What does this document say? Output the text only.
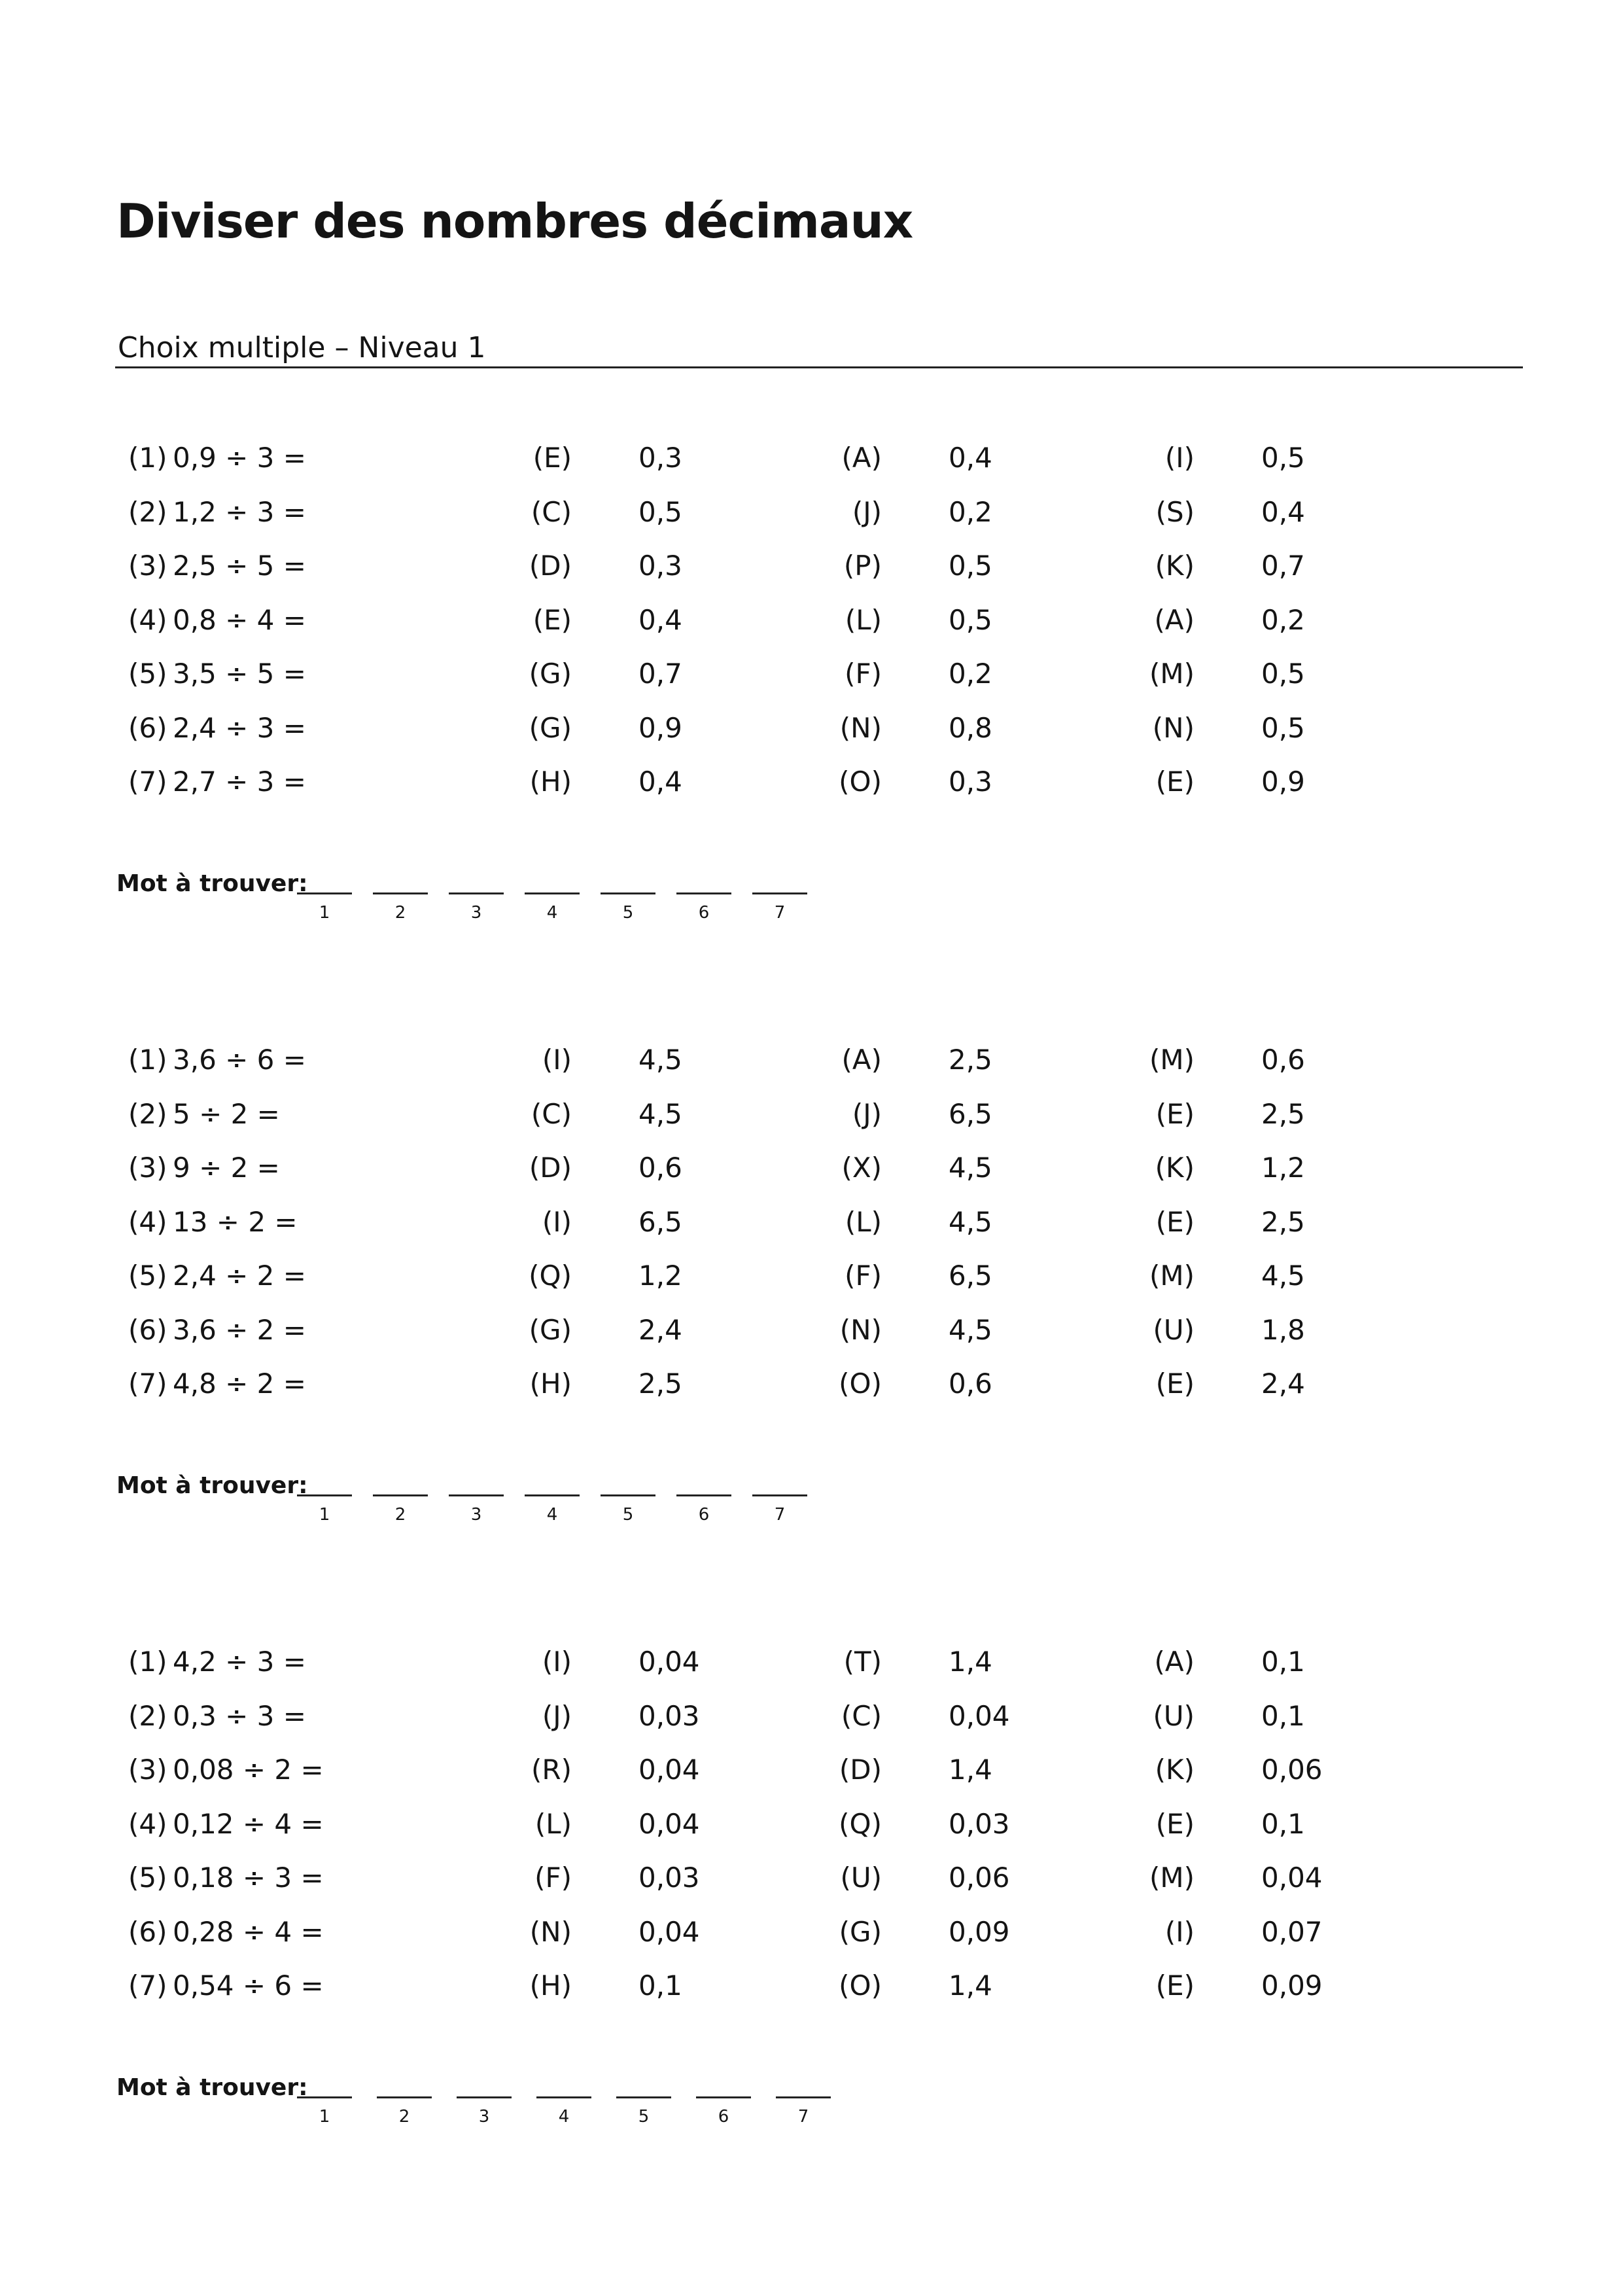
Diviser des nombres décimaux
Choix multiple – Niveau 1
(1) 0,9 ÷ 3 =	(E) 0,3	(A) 0,4	(I) 0,5
(2) 1,2 ÷ 3 =	(C) 0,5	(J) 0,2	(S) 0,4
(3) 2,5 ÷ 5 =	(D) 0,3	(P) 0,5	(K) 0,7
(4) 0,8 ÷ 4 =	(E) 0,4	(L) 0,5	(A) 0,2
(5) 3,5 ÷ 5 =	(G) 0,7	(F) 0,2	(M) 0,5
(6) 2,4 ÷ 3 =	(G) 0,9	(N) 0,8	(N) 0,5
(7) 2,7 ÷ 3 =	(H) 0,4	(O) 0,3	(E) 0,9
Mot à trouver:
1	2	3	4	5	6	7
(1) 3,6 ÷ 6 =	(I) 4,5	(A) 2,5	(M) 0,6
(2) 5 ÷ 2 =	(C) 4,5	(J) 6,5	(E) 2,5
(3) 9 ÷ 2 =	(D) 0,6	(X) 4,5	(K) 1,2
(4) 13 ÷ 2 =	(I) 6,5	(L) 4,5	(E) 2,5
(5) 2,4 ÷ 2 =	(Q) 1,2	(F) 6,5	(M) 4,5
(6) 3,6 ÷ 2 =	(G) 2,4	(N) 4,5	(U) 1,8
(7) 4,8 ÷ 2 =	(H) 2,5	(O) 0,6	(E) 2,4
Mot à trouver:
1	2	3	4	5	6	7
(1) 4,2 ÷ 3 =	(I) 0,04	(T) 1,4	(A) 0,1
(2) 0,3 ÷ 3 =	(J) 0,03	(C) 0,04	(U) 0,1
(3) 0,08 ÷ 2 =	(R) 0,04	(D) 1,4	(K) 0,06
(4) 0,12 ÷ 4 =	(L) 0,04	(Q) 0,03	(E) 0,1
(5) 0,18 ÷ 3 =	(F) 0,03	(U) 0,06	(M) 0,04
(6) 0,28 ÷ 4 =	(N) 0,04	(G) 0,09	(I) 0,07
(7) 0,54 ÷ 6 =	(H) 0,1	(O) 1,4	(E) 0,09
Mot à trouver:
1	2	3	4	5	6	7
